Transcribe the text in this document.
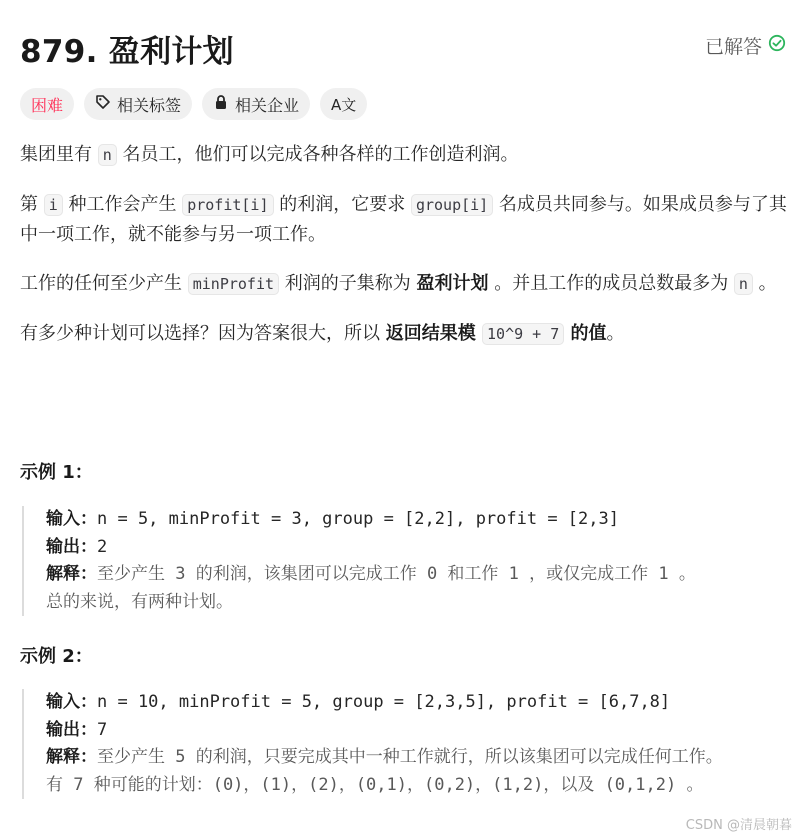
879. 盈利计划	已解答
困难	相关标签	相关企业 A文

集团里有 n 名员工，他们可以完成各种各样的工作创造利润。

第 i 种工作会产生 profit[i] 的利润，它要求 group[i] 名成员共同参与。如果成员参与了其中一项工作，就不能参与另一项工作。

工作的任何至少产生 minProfit 利润的子集称为 盈利计划 。并且工作的成员总数最多为 n 。

有多少种计划可以选择？因为答案很大，所以 返回结果模 10^9 + 7 的值。

示例 1：
输入：n = 5, minProfit = 3, group = [2,2], profit = [2,3]
输出：2
解释：至少产生 3 的利润，该集团可以完成工作 0 和工作 1 ，或仅完成工作 1 。
总的来说，有两种计划。
示例 2：
输入：n = 10, minProfit = 5, group = [2,3,5], profit = [6,7,8]
输出：7
解释：至少产生 5 的利润，只要完成其中一种工作就行，所以该集团可以完成任何工作。
有 7 种可能的计划：(0)，(1)，(2)，(0,1)，(0,2)，(1,2)，以及 (0,1,2) 。
CSDN @清晨朝暮
